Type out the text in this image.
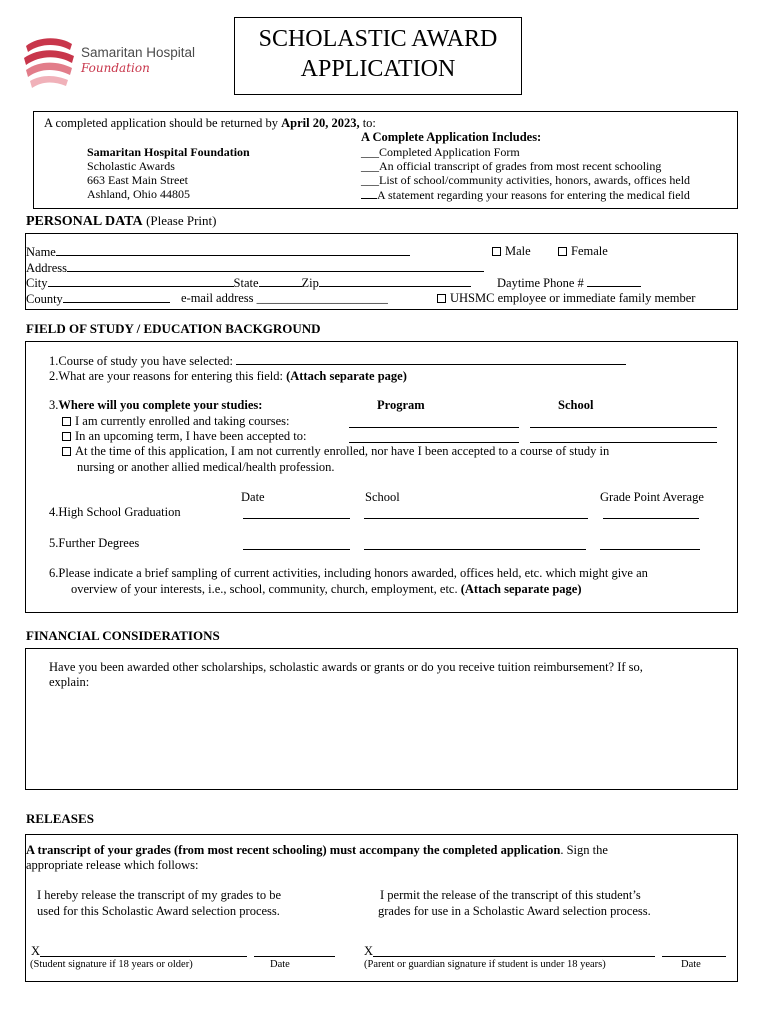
Samaritan Hospital
Foundation
SCHOLASTIC AWARD
APPLICATION
A completed application should be returned by April 20, 2023, to:
Samaritan Hospital Foundation
Scholastic Awards
663 East Main Street
Ashland, Ohio 44805
A Complete Application Includes:
___Completed Application Form
___An official transcript of grades from most recent schooling
___List of school/community activities, honors, awards, offices held
A statement regarding your reasons for entering the medical field
PERSONAL DATA (Please Print)
Name	Male	Female
Address
City	State	Zip	Daytime Phone #
County	e-mail address _____________________	UHSMC employee or immediate family member
FIELD OF STUDY / EDUCATION BACKGROUND
1.Course of study you have selected:
2.What are your reasons for entering this field: (Attach separate page)
3.Where will you complete your studies:	Program	School
I am currently enrolled and taking courses:
In an upcoming term, I have been accepted to:
At the time of this application, I am not currently enrolled, nor have I been accepted to a course of study in
nursing or another allied medical/health profession.
Date	School	Grade Point Average
4.High School Graduation
5.Further Degrees
6.Please indicate a brief sampling of current activities, including honors awarded, offices held, etc. which might give an
overview of your interests, i.e., school, community, church, employment, etc. (Attach separate page)
FINANCIAL CONSIDERATIONS
Have you been awarded other scholarships, scholastic awards or grants or do you receive tuition reimbursement? If so,
explain:
RELEASES
A transcript of your grades (from most recent schooling) must accompany the completed application. Sign the
appropriate release which follows:
I hereby release the transcript of my grades to be
used for this Scholastic Award selection process.
I permit the release of the transcript of this student’s
grades for use in a Scholastic Award selection process.
X
(Student signature if 18 years or older)	Date
X
(Parent or guardian signature if student is under 18 years)	Date
